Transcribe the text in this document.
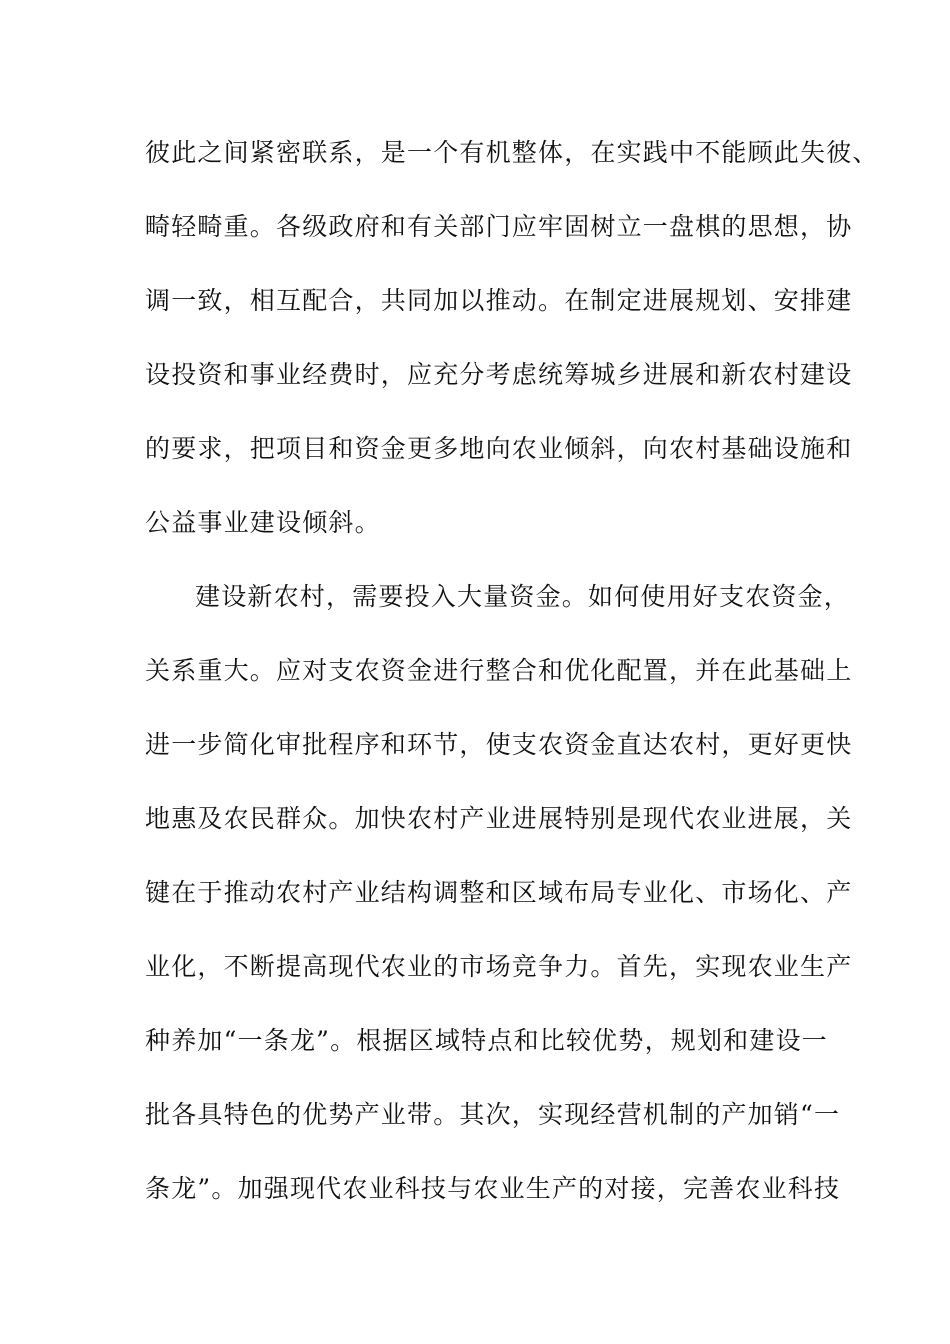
彼此之间紧密联系，是一个有机整体，在实践中不能顾此失彼、
畸轻畸重。各级政府和有关部门应牢固树立一盘棋的思想，协
调一致，相互配合，共同加以推动。在制定进展规划、安排建
设投资和事业经费时，应充分考虑统筹城乡进展和新农村建设
的要求，把项目和资金更多地向农业倾斜，向农村基础设施和
公益事业建设倾斜。
建设新农村，需要投入大量资金。如何使用好支农资金，
关系重大。应对支农资金进行整合和优化配置，并在此基础上
进一步简化审批程序和环节，使支农资金直达农村，更好更快
地惠及农民群众。加快农村产业进展特别是现代农业进展，关
键在于推动农村产业结构调整和区域布局专业化、市场化、产
业化，不断提高现代农业的市场竞争力。首先，实现农业生产
种养加“一条龙”。根据区域特点和比较优势，规划和建设一
批各具特色的优势产业带。其次，实现经营机制的产加销“一
条龙”。加强现代农业科技与农业生产的对接，完善农业科技
